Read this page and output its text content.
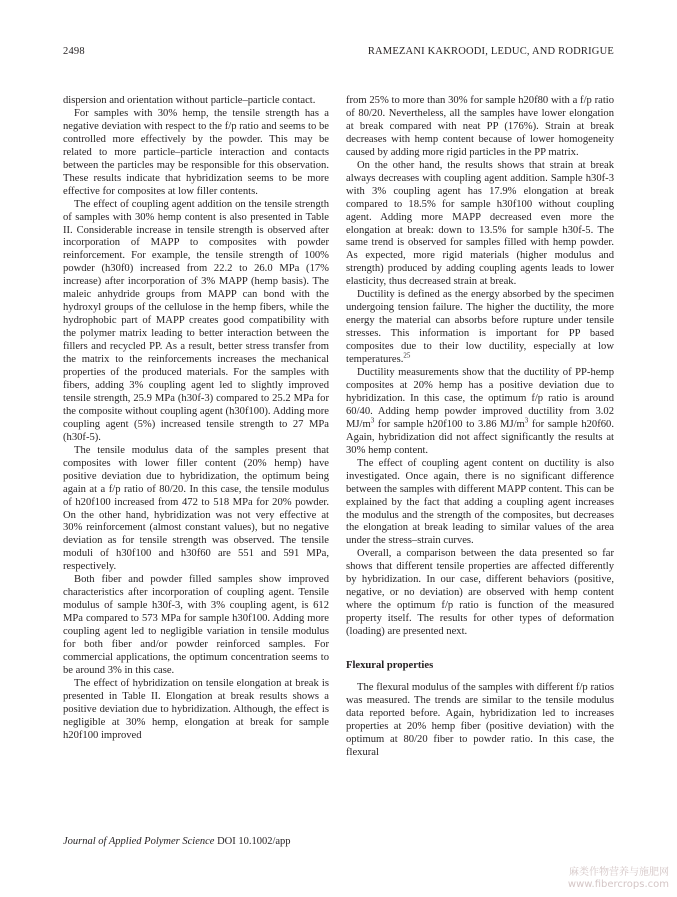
2498	RAMEZANI KAKROODI, LEDUC, AND RODRIGUE

dispersion and orientation without particle–particle contact.

For samples with 30% hemp, the tensile strength has a negative deviation with respect to the f/p ratio and seems to be controlled more effectively by the powder. This may be related to more particle–particle interaction and contacts between the particles may be responsible for this observation. These results indicate that hybridization seems to be more effective for composites at low filler contents.

The effect of coupling agent addition on the tensile strength of samples with 30% hemp content is also presented in Table II. Considerable increase in tensile strength is observed after incorporation of MAPP to composites with powder reinforcement. For example, the tensile strength of 100% powder (h30f0) increased from 22.2 to 26.0 MPa (17% increase) after incorporation of 3% MAPP (hemp basis). The maleic anhydride groups from MAPP can bond with the hydroxyl groups of the cellulose in the hemp fibers, while the hydrophobic part of MAPP creates good compatibility with the polymer matrix leading to better interaction between the fillers and recycled PP. As a result, better stress transfer from the matrix to the reinforcements increases the mechanical properties of the produced materials. For the samples with fibers, adding 3% coupling agent led to slightly improved tensile strength, 25.9 MPa (h30f-3) compared to 25.2 MPa for the composite without coupling agent (h30f100). Adding more coupling agent (5%) increased tensile strength to 27 MPa (h30f-5).

The tensile modulus data of the samples present that composites with lower filler content (20% hemp) have positive deviation due to hybridization, the optimum being again at a f/p ratio of 80/20. In this case, the tensile modulus of h20f100 increased from 472 to 518 MPa for 20% powder. On the other hand, hybridization was not very effective at 30% reinforcement (almost constant values), but no negative deviation as for tensile strength was observed. The tensile moduli of h30f100 and h30f60 are 551 and 591 MPa, respectively.

Both fiber and powder filled samples show improved characteristics after incorporation of coupling agent. Tensile modulus of sample h30f-3, with 3% coupling agent, is 612 MPa compared to 573 MPa for sample h30f100. Adding more coupling agent led to negligible variation in tensile modulus for both fiber and/or powder reinforced samples. For commercial applications, the optimum concentration seems to be around 3% in this case.

The effect of hybridization on tensile elongation at break is presented in Table II. Elongation at break results shows a positive deviation due to hybridization. Although, the effect is negligible at 30% hemp, elongation at break for sample h20f100 improved

from 25% to more than 30% for sample h20f80 with a f/p ratio of 80/20. Nevertheless, all the samples have lower elongation at break compared with neat PP (176%). Strain at break decreases with hemp content because of lower homogeneity caused by adding more rigid particles in the PP matrix.

On the other hand, the results shows that strain at break always decreases with coupling agent addition. Sample h30f-3 with 3% coupling agent has 17.9% elongation at break compared to 18.5% for sample h30f100 without coupling agent. Adding more MAPP decreased even more the elongation at break: down to 13.5% for sample h30f-5. The same trend is observed for samples filled with hemp powder. As expected, more rigid materials (higher modulus and strength) produced by adding coupling agents leads to lower elasticity, thus decreased strain at break.

Ductility is defined as the energy absorbed by the specimen undergoing tension failure. The higher the ductility, the more energy the material can absorbs before rupture under tensile stresses. This information is important for PP based composites due to their low ductility, especially at low temperatures.$^{25}$

Ductility measurements show that the ductility of PP-hemp composites at 20% hemp has a positive deviation due to hybridization. In this case, the optimum f/p ratio is around 60/40. Adding hemp powder improved ductility from 3.02 $MJ/m^3$ for sample h20f100 to 3.86 $MJ/m^3$ for sample h20f60. Again, hybridization did not affect significantly the results at 30% hemp content.

The effect of coupling agent content on ductility is also investigated. Once again, there is no significant difference between the samples with different MAPP content. This can be explained by the fact that adding a coupling agent increases the modulus and the strength of the composites, but decreases the elongation at break leading to similar values of the area under the stress–strain curves.

Overall, a comparison between the data presented so far shows that different tensile properties are affected differently by hybridization. In our case, different behaviors (positive, negative, or no deviation) are observed with hemp content where the optimum f/p ratio is function of the measured property itself. The results for other types of deformation (loading) are presented next.

Flexural properties

The flexural modulus of the samples with different f/p ratios was measured. The trends are similar to the tensile modulus data reported before. Again, hybridization led to increases properties at 20% hemp fiber (positive deviation) with the optimum at 80/20 fiber to powder ratio. In this case, the flexural

Journal of Applied Polymer Science DOI 10.1002/app
麻类作物营养与施肥网
www.fibercrops.com
